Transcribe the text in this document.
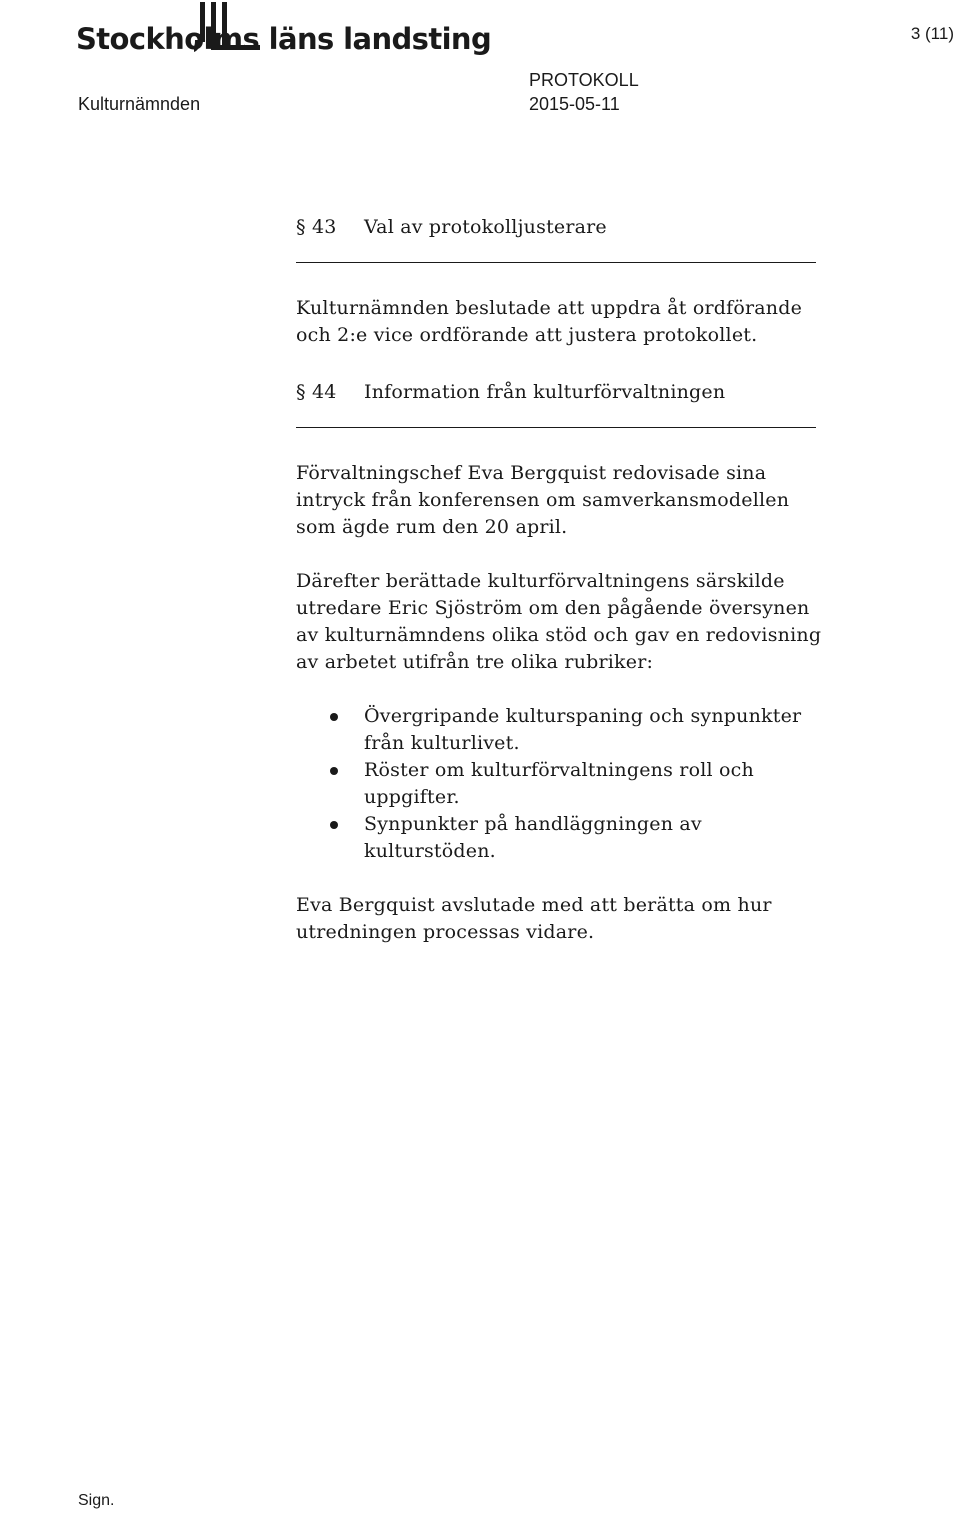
Stockholms läns landsting	3 (11)
Kulturnämnden
PROTOKOLL
2015-05-11
§ 43	Val av protokolljusterare

Kulturnämnden beslutade att uppdra åt ordförande och 2:e vice ordförande att justera protokollet.

§ 44	Information från kulturförvaltningen

Förvaltningschef Eva Bergquist redovisade sina intryck från konferensen om samverkansmodellen som ägde rum den 20 april.

Därefter berättade kulturförvaltningens särskilde utredare Eric Sjöström om den pågående översynen av kulturnämndens olika stöd och gav en redovisning av arbetet utifrån tre olika rubriker:

Övergripande kulturspaning och synpunkter från kulturlivet.
Röster om kulturförvaltningens roll och uppgifter.
Synpunkter på handläggningen av kulturstöden.

Eva Bergquist avslutade med att berätta om hur utredningen processas vidare.

Sign.
